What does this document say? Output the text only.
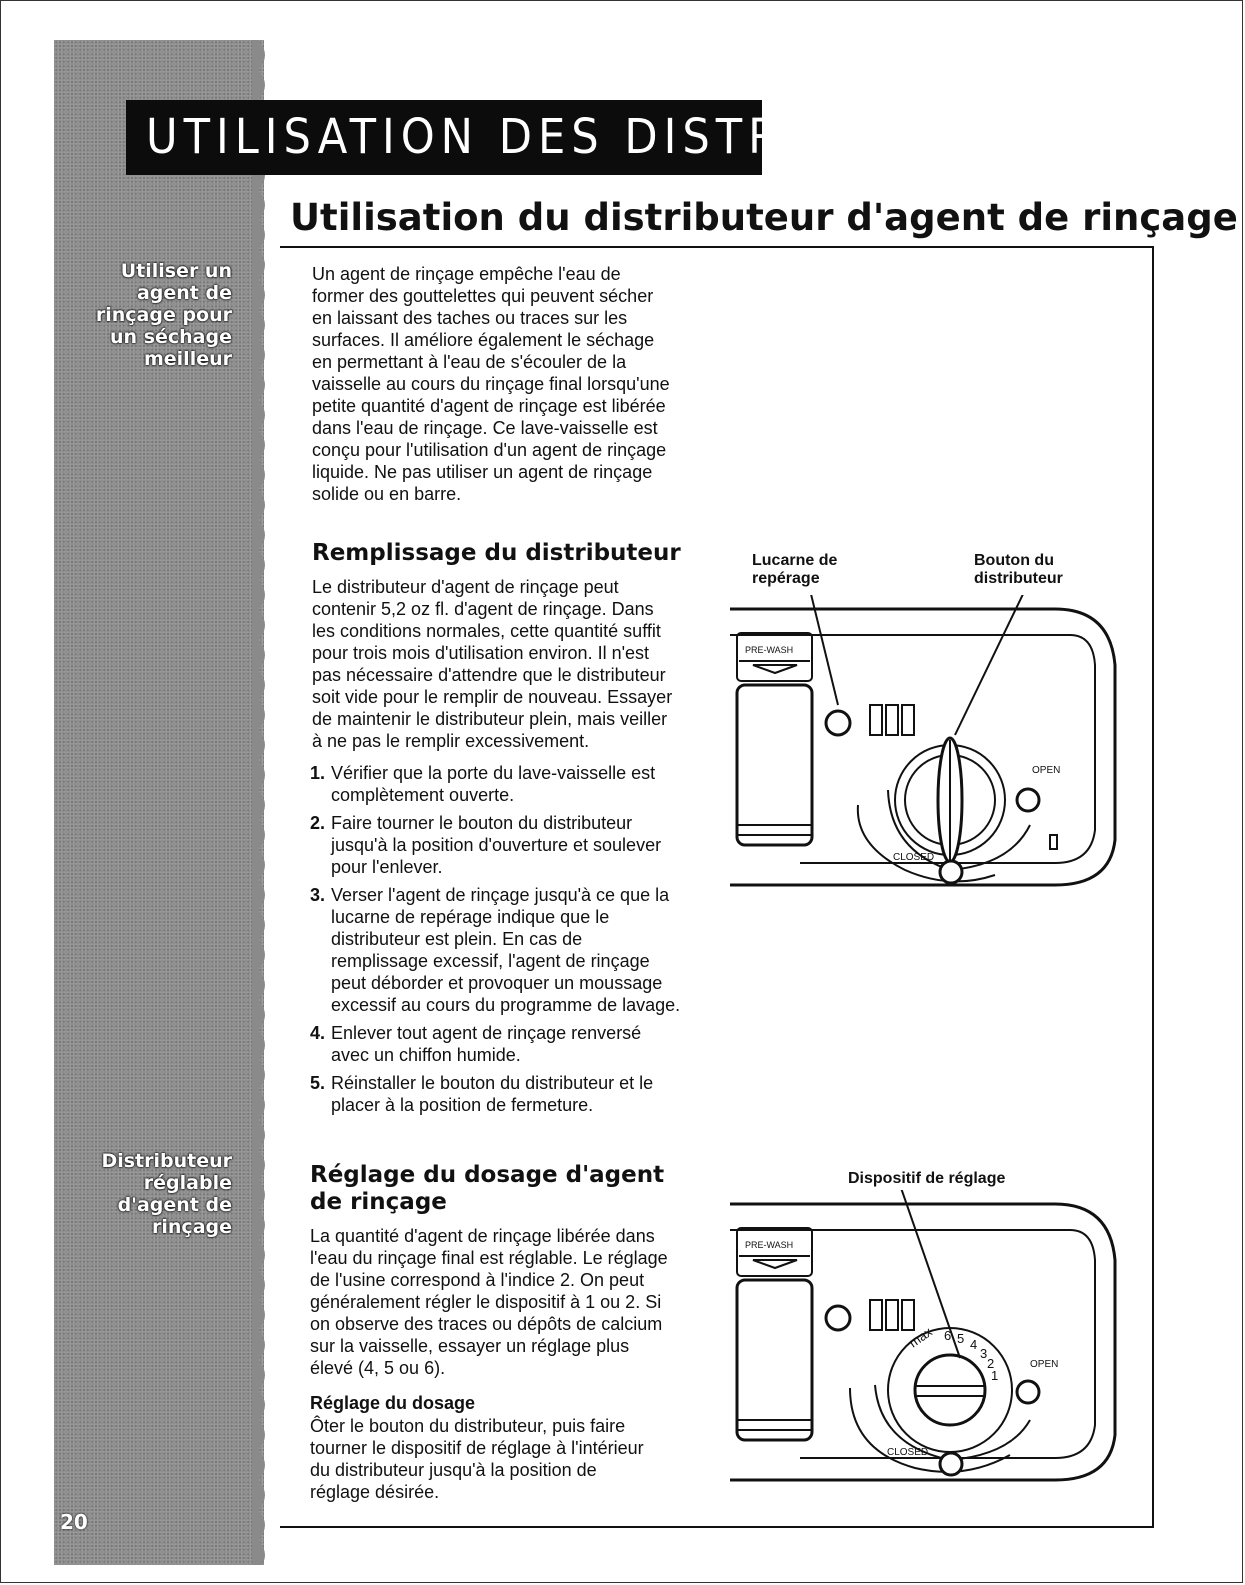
UTILISATION DES DISTRIBUTEURS
Utiliser un
agent de
rinçage pour
un séchage
meilleur
Distributeur
réglable
d'agent de
rinçage
20
Utilisation du distributeur d'agent de rinçage
Un agent de rinçage empêche l'eau de
former des gouttelettes qui peuvent sécher
en laissant des taches ou traces sur les
surfaces. Il améliore également le séchage
en permettant à l'eau de s'écouler de la
vaisselle au cours du rinçage final lorsqu'une
petite quantité d'agent de rinçage est libérée
dans l'eau de rinçage. Ce lave-vaisselle est
conçu pour l'utilisation d'un agent de rinçage
liquide. Ne pas utiliser un agent de rinçage
solide ou en barre.
Remplissage du distributeur
Le distributeur d'agent de rinçage peut
contenir 5,2 oz fl. d'agent de rinçage. Dans
les conditions normales, cette quantité suffit
pour trois mois d'utilisation environ. Il n'est
pas nécessaire d'attendre que le distributeur
soit vide pour le remplir de nouveau. Essayer
de maintenir le distributeur plein, mais veiller
à ne pas le remplir excessivement.
1. Vérifier que la porte du lave-vaisselle est
complètement ouverte.
2. Faire tourner le bouton du distributeur
jusqu'à la position d'ouverture et soulever
pour l'enlever.
3. Verser l'agent de rinçage jusqu'à ce que la
lucarne de repérage indique que le
distributeur est plein. En cas de
remplissage excessif, l'agent de rinçage
peut déborder et provoquer un moussage
excessif au cours du programme de lavage.
4. Enlever tout agent de rinçage renversé
avec un chiffon humide.
5. Réinstaller le bouton du distributeur et le
placer à la position de fermeture.
Réglage du dosage d'agent
de rinçage
La quantité d'agent de rinçage libérée dans
l'eau du rinçage final est réglable. Le réglage
de l'usine correspond à l'indice 2. On peut
généralement régler le dispositif à 1 ou 2. Si
on observe des traces ou dépôts de calcium
sur la vaisselle, essayer un réglage plus
élevé (4, 5 ou 6).
Réglage du dosage
Ôter le bouton du distributeur, puis faire
tourner le dispositif de réglage à l'intérieur
du distributeur jusqu'à la position de
réglage désirée.
Lucarne de
repérage
Bouton du
distributeur
PRE-WASH
OPEN
CLOSED
Dispositif de réglage
PRE-WASH
OPEN
CLOSED
max 6 5 4
3
2
1
